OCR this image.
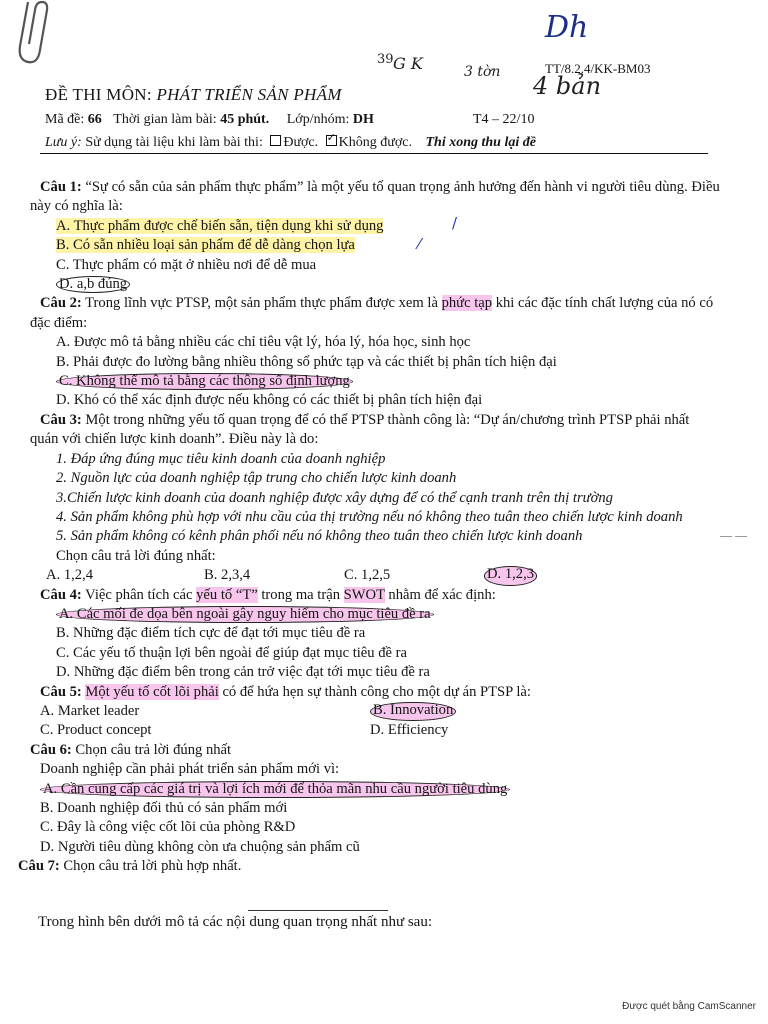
Dh
39 G K	3 tờn 4 bản
TT/8.2.4/KK-BM03
ĐỀ THI MÔN: PHÁT TRIỂN SẢN PHẨM
Mã đề: 66 Thời gian làm bài: 45 phút. Lớp/nhóm: DH	T4 – 22/10
Lưu ý: Sử dụng tài liệu khi làm bài thi: Được. ✓ Không được. Thi xong thu lại đề

Câu 1: “Sự có sẵn của sản phẩm thực phẩm” là một yếu tố quan trọng ảnh hưởng đến hành vi người tiêu dùng. Điều này có nghĩa là:

A. Thực phẩm được chế biến sẵn, tiện dụng khi sử dụng

B. Có sẵn nhiều loại sản phẩm để dễ dàng chọn lựa

C. Thực phẩm có mặt ở nhiều nơi để dễ mua

D. a,b đúng

Câu 2: Trong lĩnh vực PTSP, một sản phẩm thực phẩm được xem là phức tạp khi các đặc tính chất lượng của nó có đặc điểm:

A. Được mô tả bằng nhiều các chỉ tiêu vật lý, hóa lý, hóa học, sinh học

B. Phải được đo lường bằng nhiều thông số phức tạp và các thiết bị phân tích hiện đại

C. Không thể mô tả bằng các thông số định lượng

D. Khó có thể xác định được nếu không có các thiết bị phân tích hiện đại

Câu 3: Một trong những yếu tố quan trọng để có thể PTSP thành công là: “Dự án/chương trình PTSP phải nhất quán với chiến lược kinh doanh”. Điều này là do:

1. Đáp ứng đúng mục tiêu kinh doanh của doanh nghiệp

2. Nguồn lực của doanh nghiệp tập trung cho chiến lược kinh doanh

3.Chiến lược kinh doanh của doanh nghiệp được xây dựng để có thể cạnh tranh trên thị trường

4. Sản phẩm không phù hợp với nhu cầu của thị trường nếu nó không theo tuân theo chiến lược kinh doanh

5. Sản phẩm không có kênh phân phối nếu nó không theo tuân theo chiến lược kinh doanh

Chọn câu trả lời đúng nhất:

A. 1,2,4	B. 2,3,4	C. 1,2,5	D. 1,2,3

Câu 4: Việc phân tích các yếu tố “T” trong ma trận SWOT nhằm để xác định:

A. Các mối đe dọa bên ngoài gây nguy hiểm cho mục tiêu đề ra

B. Những đặc điểm tích cực để đạt tới mục tiêu đề ra

C. Các yếu tố thuận lợi bên ngoài để giúp đạt mục tiêu đề ra

D. Những đặc điểm bên trong cản trở việc đạt tới mục tiêu đề ra

Câu 5: Một yếu tố cốt lõi phải có để hứa hẹn sự thành công cho một dự án PTSP là:

A. Market leader	B. Innovation
C. Product concept	D. Efficiency

Câu 6: Chọn câu trả lời đúng nhất

Doanh nghiệp cần phải phát triển sản phẩm mới vì:

A. Cần cung cấp các giá trị và lợi ích mới để thỏa mãn nhu cầu người tiêu dùng

B. Doanh nghiệp đối thủ có sản phẩm mới

C. Đây là công việc cốt lõi của phòng R&D

D. Người tiêu dùng không còn ưa chuộng sản phẩm cũ

Câu 7: Chọn câu trả lời phù hợp nhất.

/
⁄
— —
Trong hình bên dưới mô tả các nội dung quan trọng nhất như sau:
Được quét bằng CamScanner
